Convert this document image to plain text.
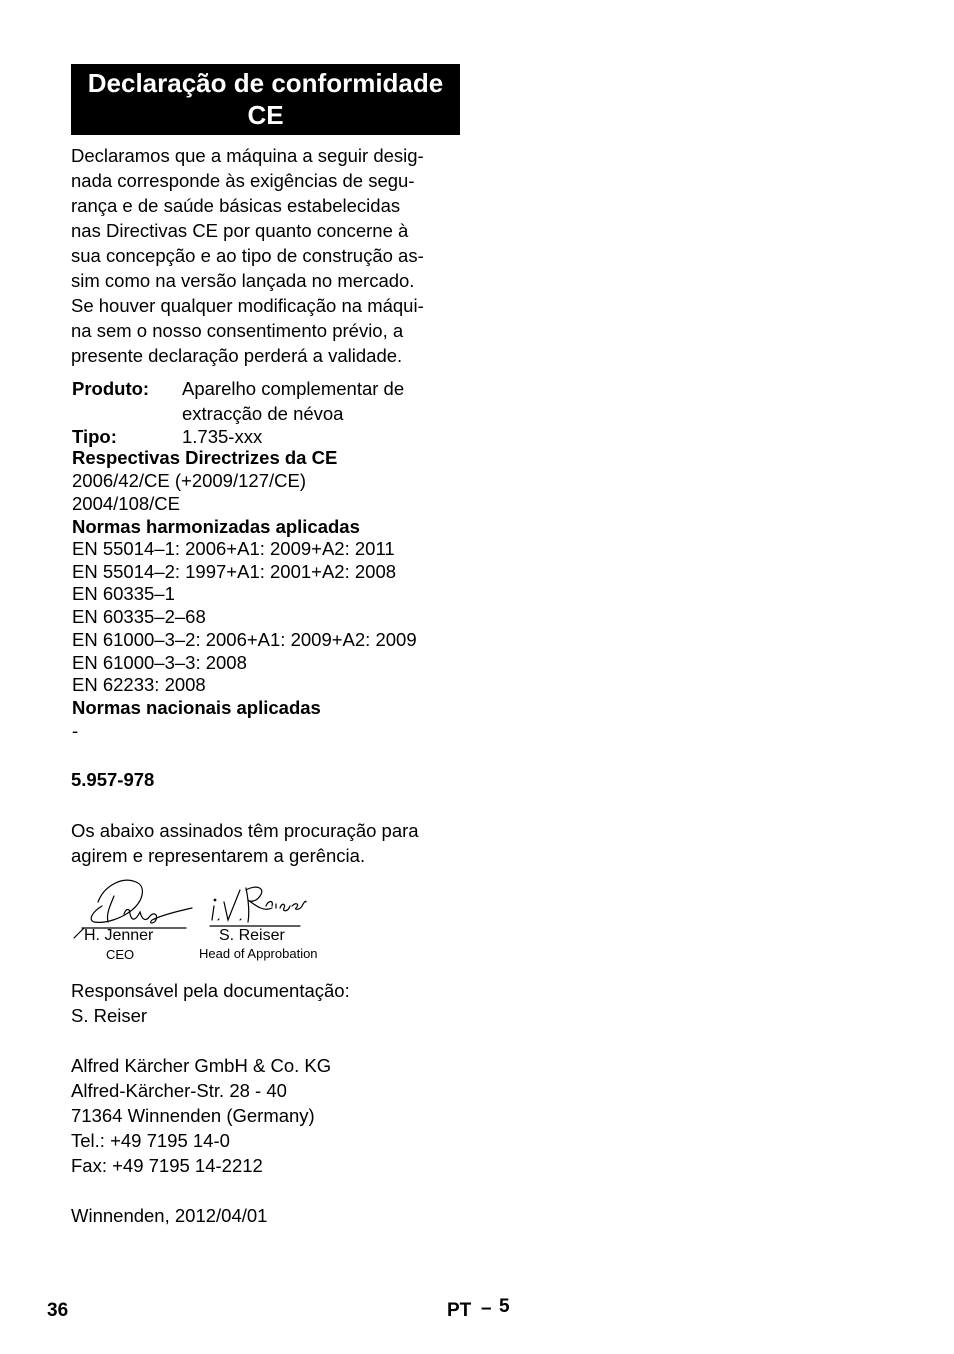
Declaração de conformidade
CE
Declaramos que a máquina a seguir desig-
nada corresponde às exigências de segu-
rança e de saúde básicas estabelecidas
nas Directivas CE por quanto concerne à
sua concepção e ao tipo de construção as-
sim como na versão lançada no mercado.
Se houver qualquer modificação na máqui-
na sem o nosso consentimento prévio, a
presente declaração perderá a validade.
Produto: Aparelho complementar de
extracção de névoa
Tipo:	1.735-xxx
Respectivas Directrizes da CE
2006/42/CE (+2009/127/CE)
2004/108/CE
Normas harmonizadas aplicadas
EN 55014–1: 2006+A1: 2009+A2: 2011
EN 55014–2: 1997+A1: 2001+A2: 2008
EN 60335–1
EN 60335–2–68
EN 61000–3–2: 2006+A1: 2009+A2: 2009
EN 61000–3–3: 2008
EN 62233: 2008
Normas nacionais aplicadas
-
5.957-978
Os abaixo assinados têm procuração para
agirem e representarem a gerência.
H. Jenner
CEO
S. Reiser
Head of Approbation
Responsável pela documentação:
S. Reiser
Alfred Kärcher GmbH & Co. KG
Alfred-Kärcher-Str. 28 - 40
71364 Winnenden (Germany)
Tel.: +49 7195 14-0
Fax: +49 7195 14-2212
Winnenden, 2012/04/01
36	PT – 5
